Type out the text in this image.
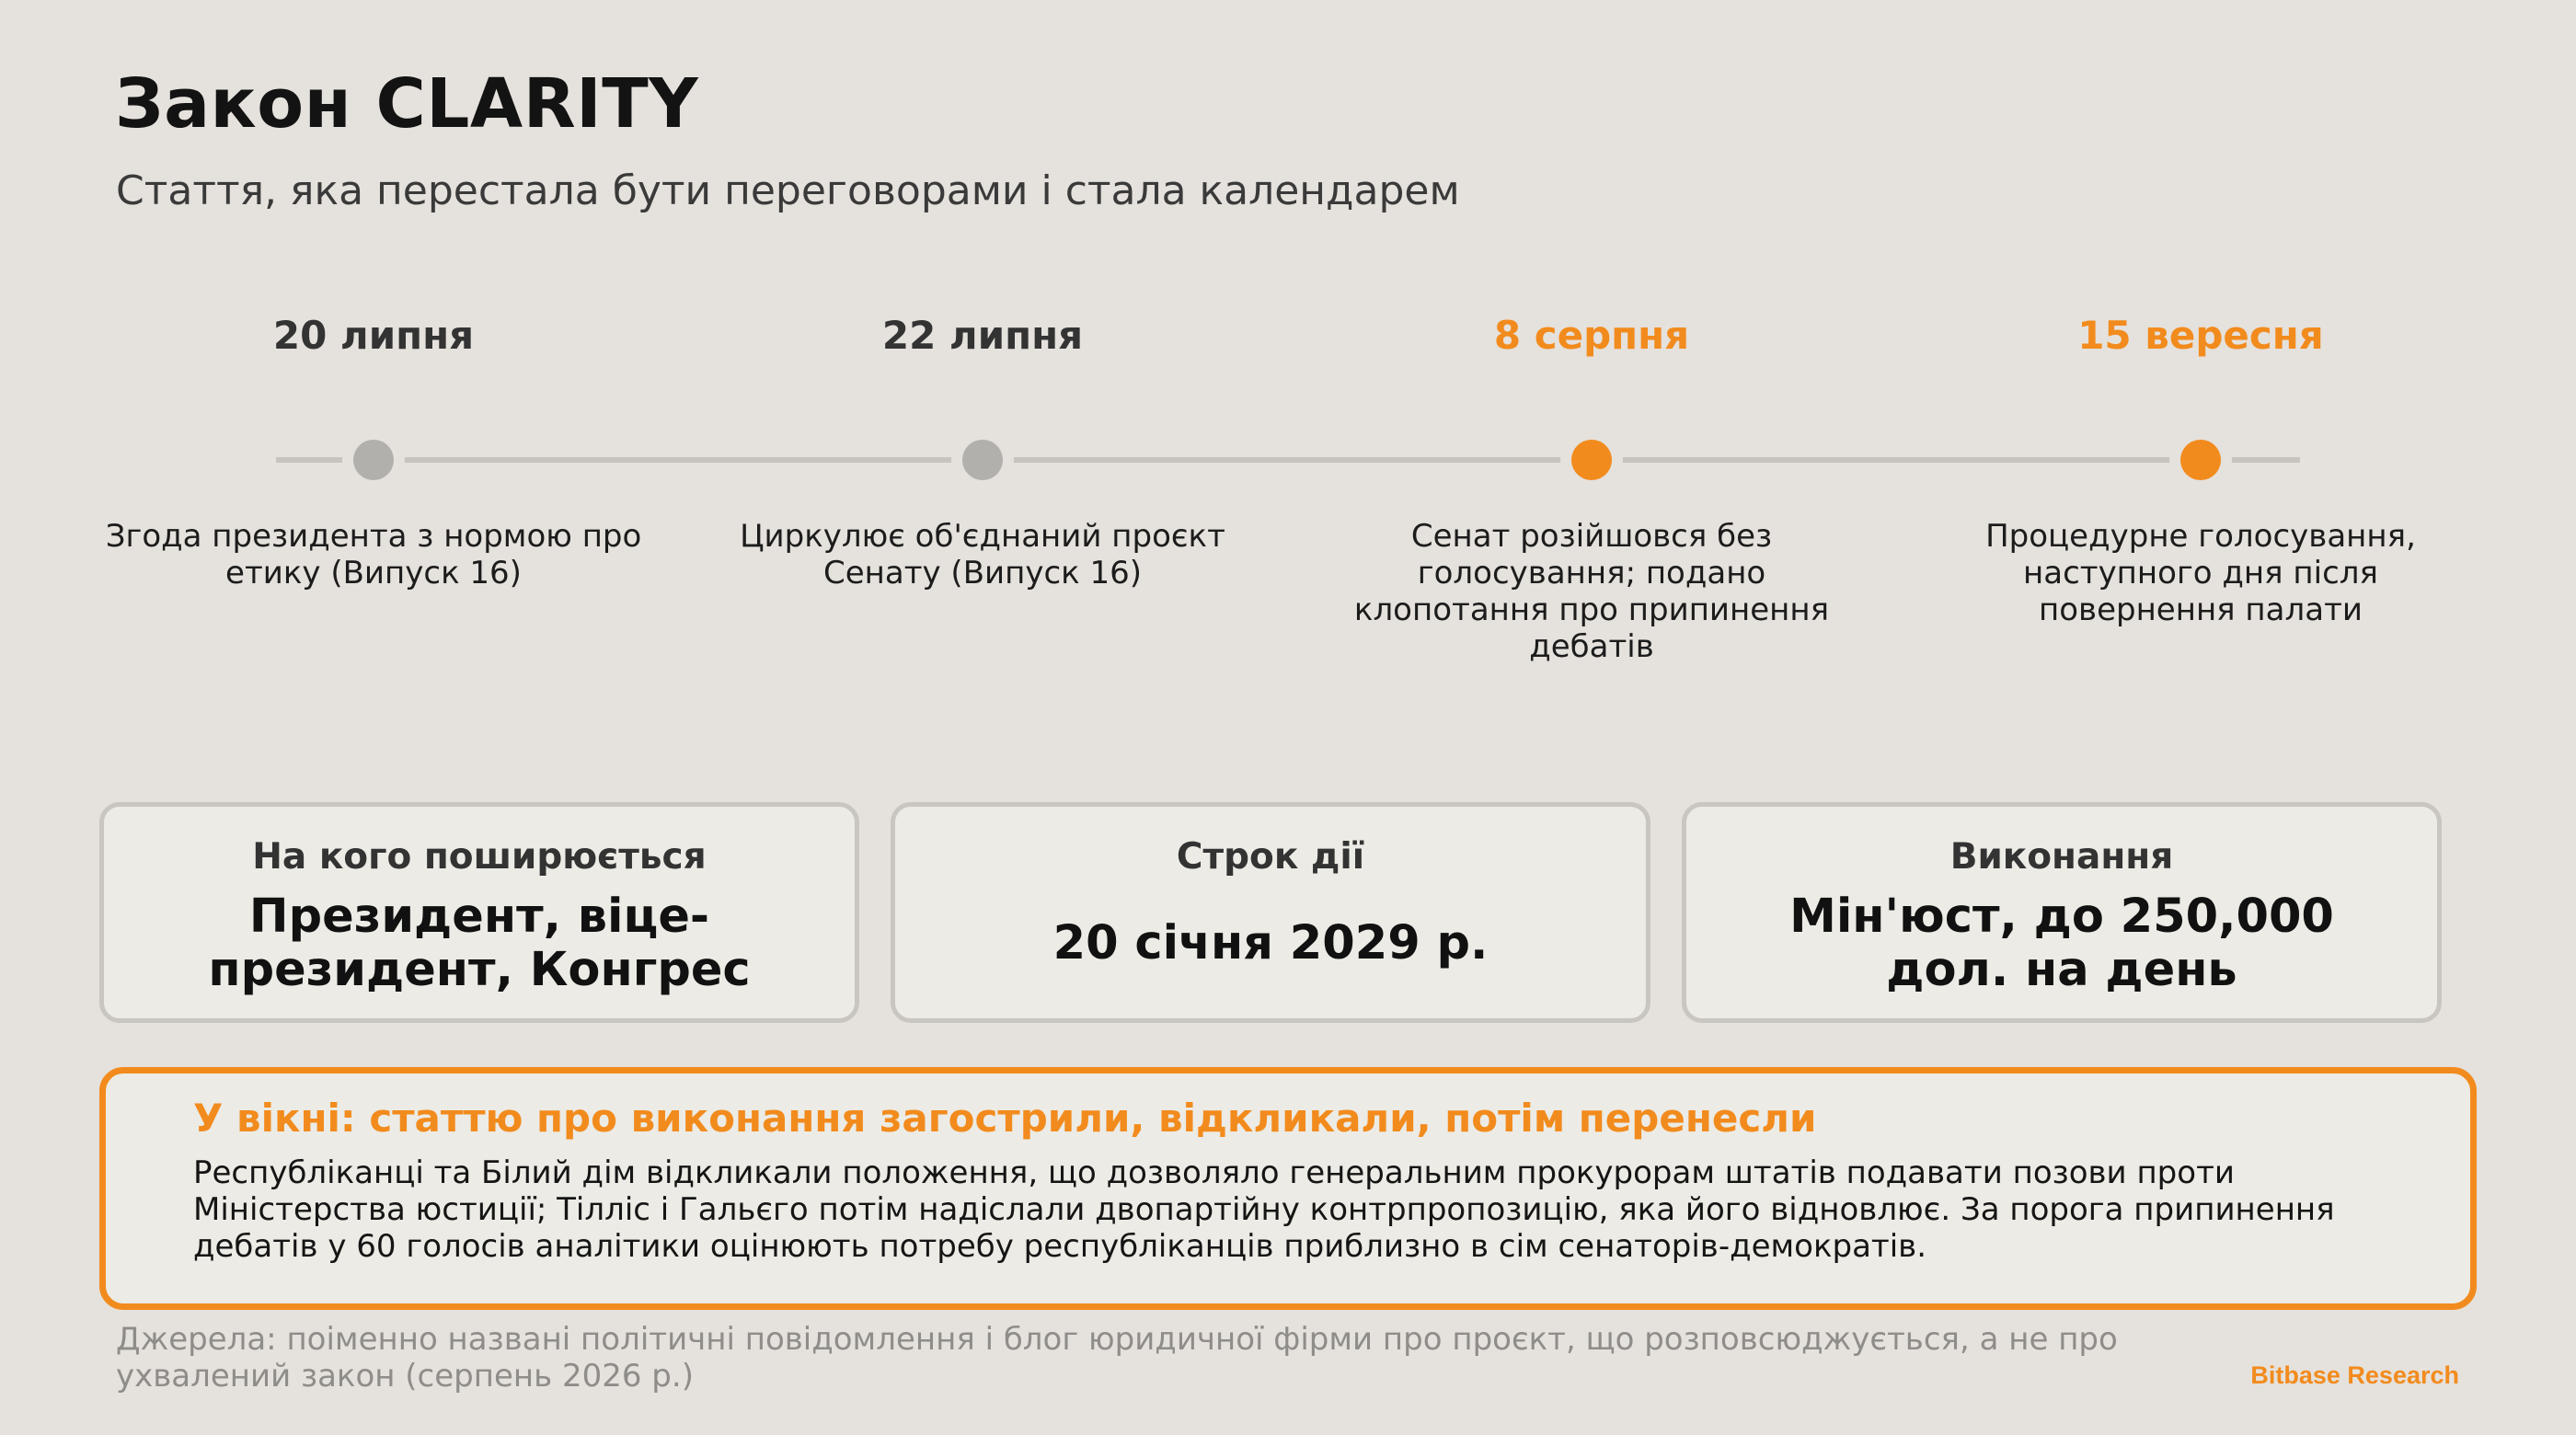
Закон CLARITY
Стаття, яка перестала бути переговорами і стала календарем
20 липня
Згода президента з нормою про етику (Випуск 16)
22 липня
Циркулює об'єднаний проєкт Сенату (Випуск 16)
8 серпня
Сенат розійшовся без голосування; подано клопотання про припинення дебатів
15 вересня
Процедурне голосування, наступного дня після повернення палати
На кого поширюється
Президент, віце-президент, Конгрес
Строк дії
20 січня 2029 р.
Виконання
Мін'юст, до 250,000 дол. на день
У вікні: статтю про виконання загострили, відкликали, потім перенесли
Республіканці та Білий дім відкликали положення, що дозволяло генеральним прокурорам штатів подавати позови проти Міністерства юстиції; Тілліс і Гальєго потім надіслали двопартійну контрпропозицію, яка його відновлює. За порога припинення дебатів у 60 голосів аналітики оцінюють потребу республіканців приблизно в сім сенаторів-демократів.
Джерела: поіменно названі політичні повідомлення і блог юридичної фірми про проєкт, що розповсюджується, а не про ухвалений закон (серпень 2026 р.)	Bitbase Research
